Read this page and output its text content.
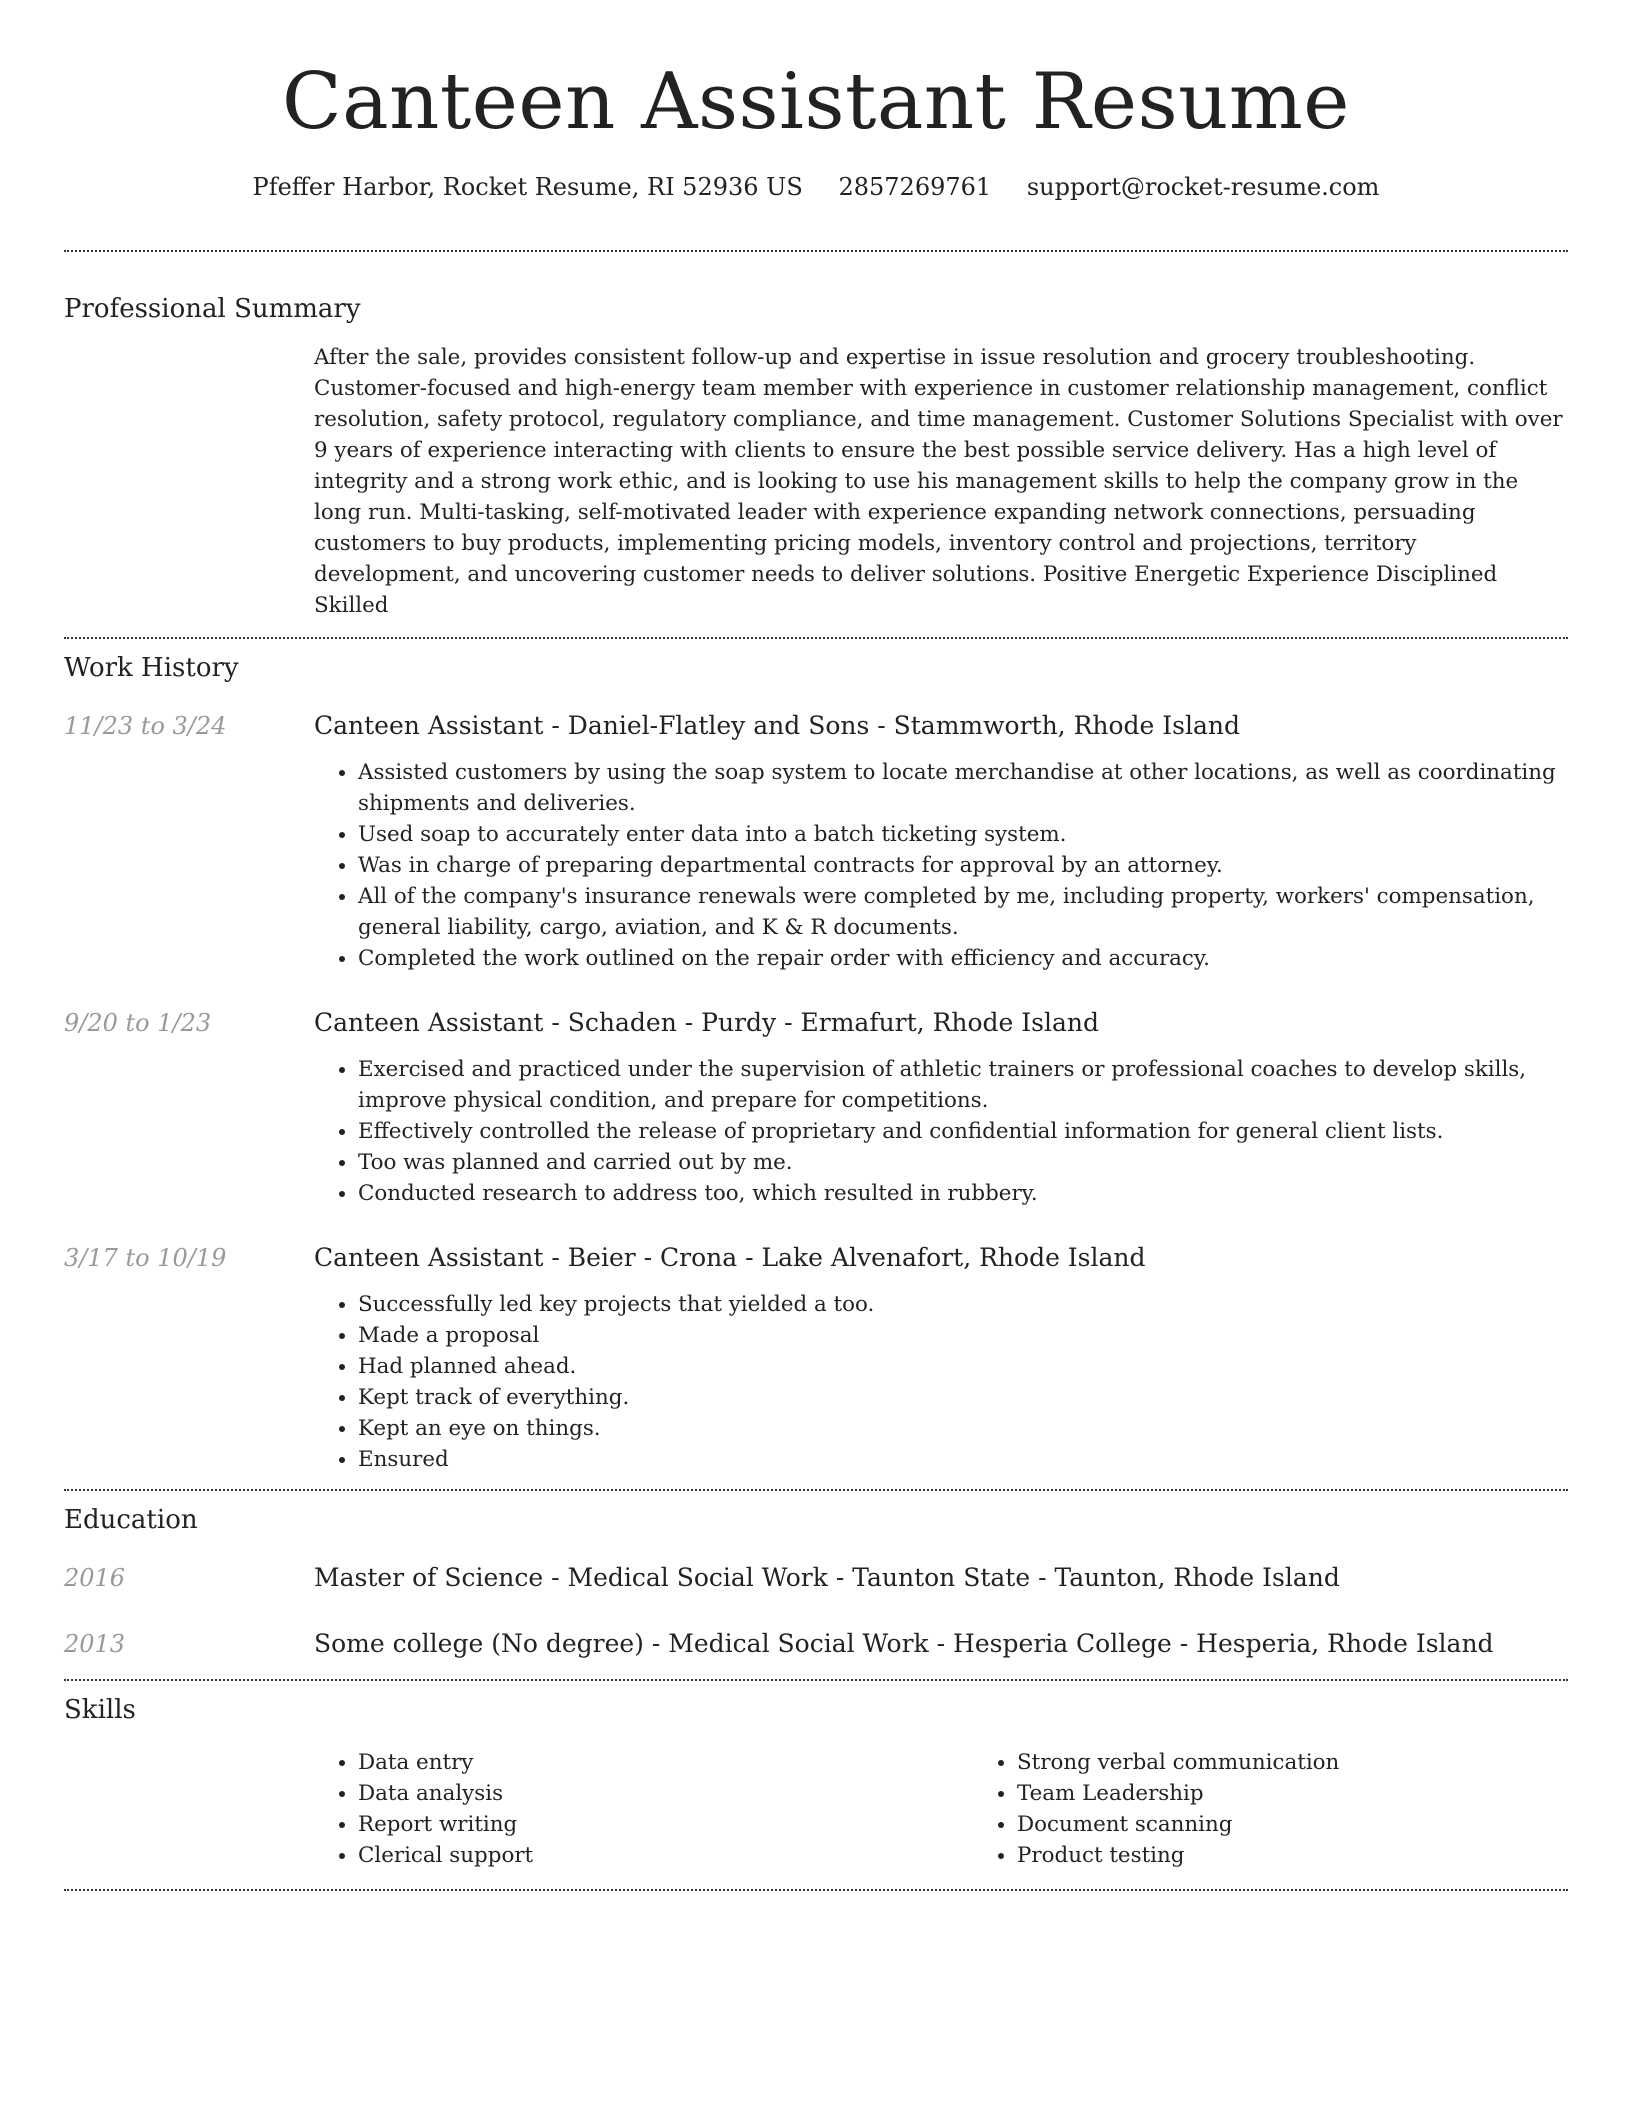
Canteen Assistant Resume
Pfeffer Harbor, Rocket Resume, RI 52936 US 2857269761 support@rocket-resume.com
Professional Summary

After the sale, provides consistent follow-up and expertise in issue resolution and grocery troubleshooting. Customer-focused and high-energy team member with experience in customer relationship management, conflict resolution, safety protocol, regulatory compliance, and time management. Customer Solutions Specialist with over 9 years of experience interacting with clients to ensure the best possible service delivery. Has a high level of integrity and a strong work ethic, and is looking to use his management skills to help the company grow in the long run. Multi-tasking, self-motivated leader with experience expanding network connections, persuading customers to buy products, implementing pricing models, inventory control and projections, territory development, and uncovering customer needs to deliver solutions. Positive Energetic Experience Disciplined Skilled

Work History
11/23 to 3/24	Canteen Assistant - Daniel-Flatley and Sons - Stammworth, Rhode Island

• Assisted customers by using the soap system to locate merchandise at other locations, as well as coordinating shipments and deliveries.
• Used soap to accurately enter data into a batch ticketing system.
• Was in charge of preparing departmental contracts for approval by an attorney.
• All of the company's insurance renewals were completed by me, including property, workers' compensation, general liability, cargo, aviation, and K & R documents.
• Completed the work outlined on the repair order with efficiency and accuracy.
9/20 to 1/23	Canteen Assistant - Schaden - Purdy - Ermafurt, Rhode Island

• Exercised and practiced under the supervision of athletic trainers or professional coaches to develop skills, improve physical condition, and prepare for competitions.
• Effectively controlled the release of proprietary and confidential information for general client lists.
• Too was planned and carried out by me.
• Conducted research to address too, which resulted in rubbery.
3/17 to 10/19	Canteen Assistant - Beier - Crona - Lake Alvenafort, Rhode Island

• Successfully led key projects that yielded a too.
• Made a proposal
• Had planned ahead.
• Kept track of everything.
• Kept an eye on things.
• Ensured
Education
2016	Master of Science - Medical Social Work - Taunton State - Taunton, Rhode Island

2013	Some college (No degree) - Medical Social Work - Hesperia College - Hesperia, Rhode Island

Skills
• Data entry
• Data analysis
• Report writing
• Clerical support
• Strong verbal communication
• Team Leadership
• Document scanning
• Product testing
